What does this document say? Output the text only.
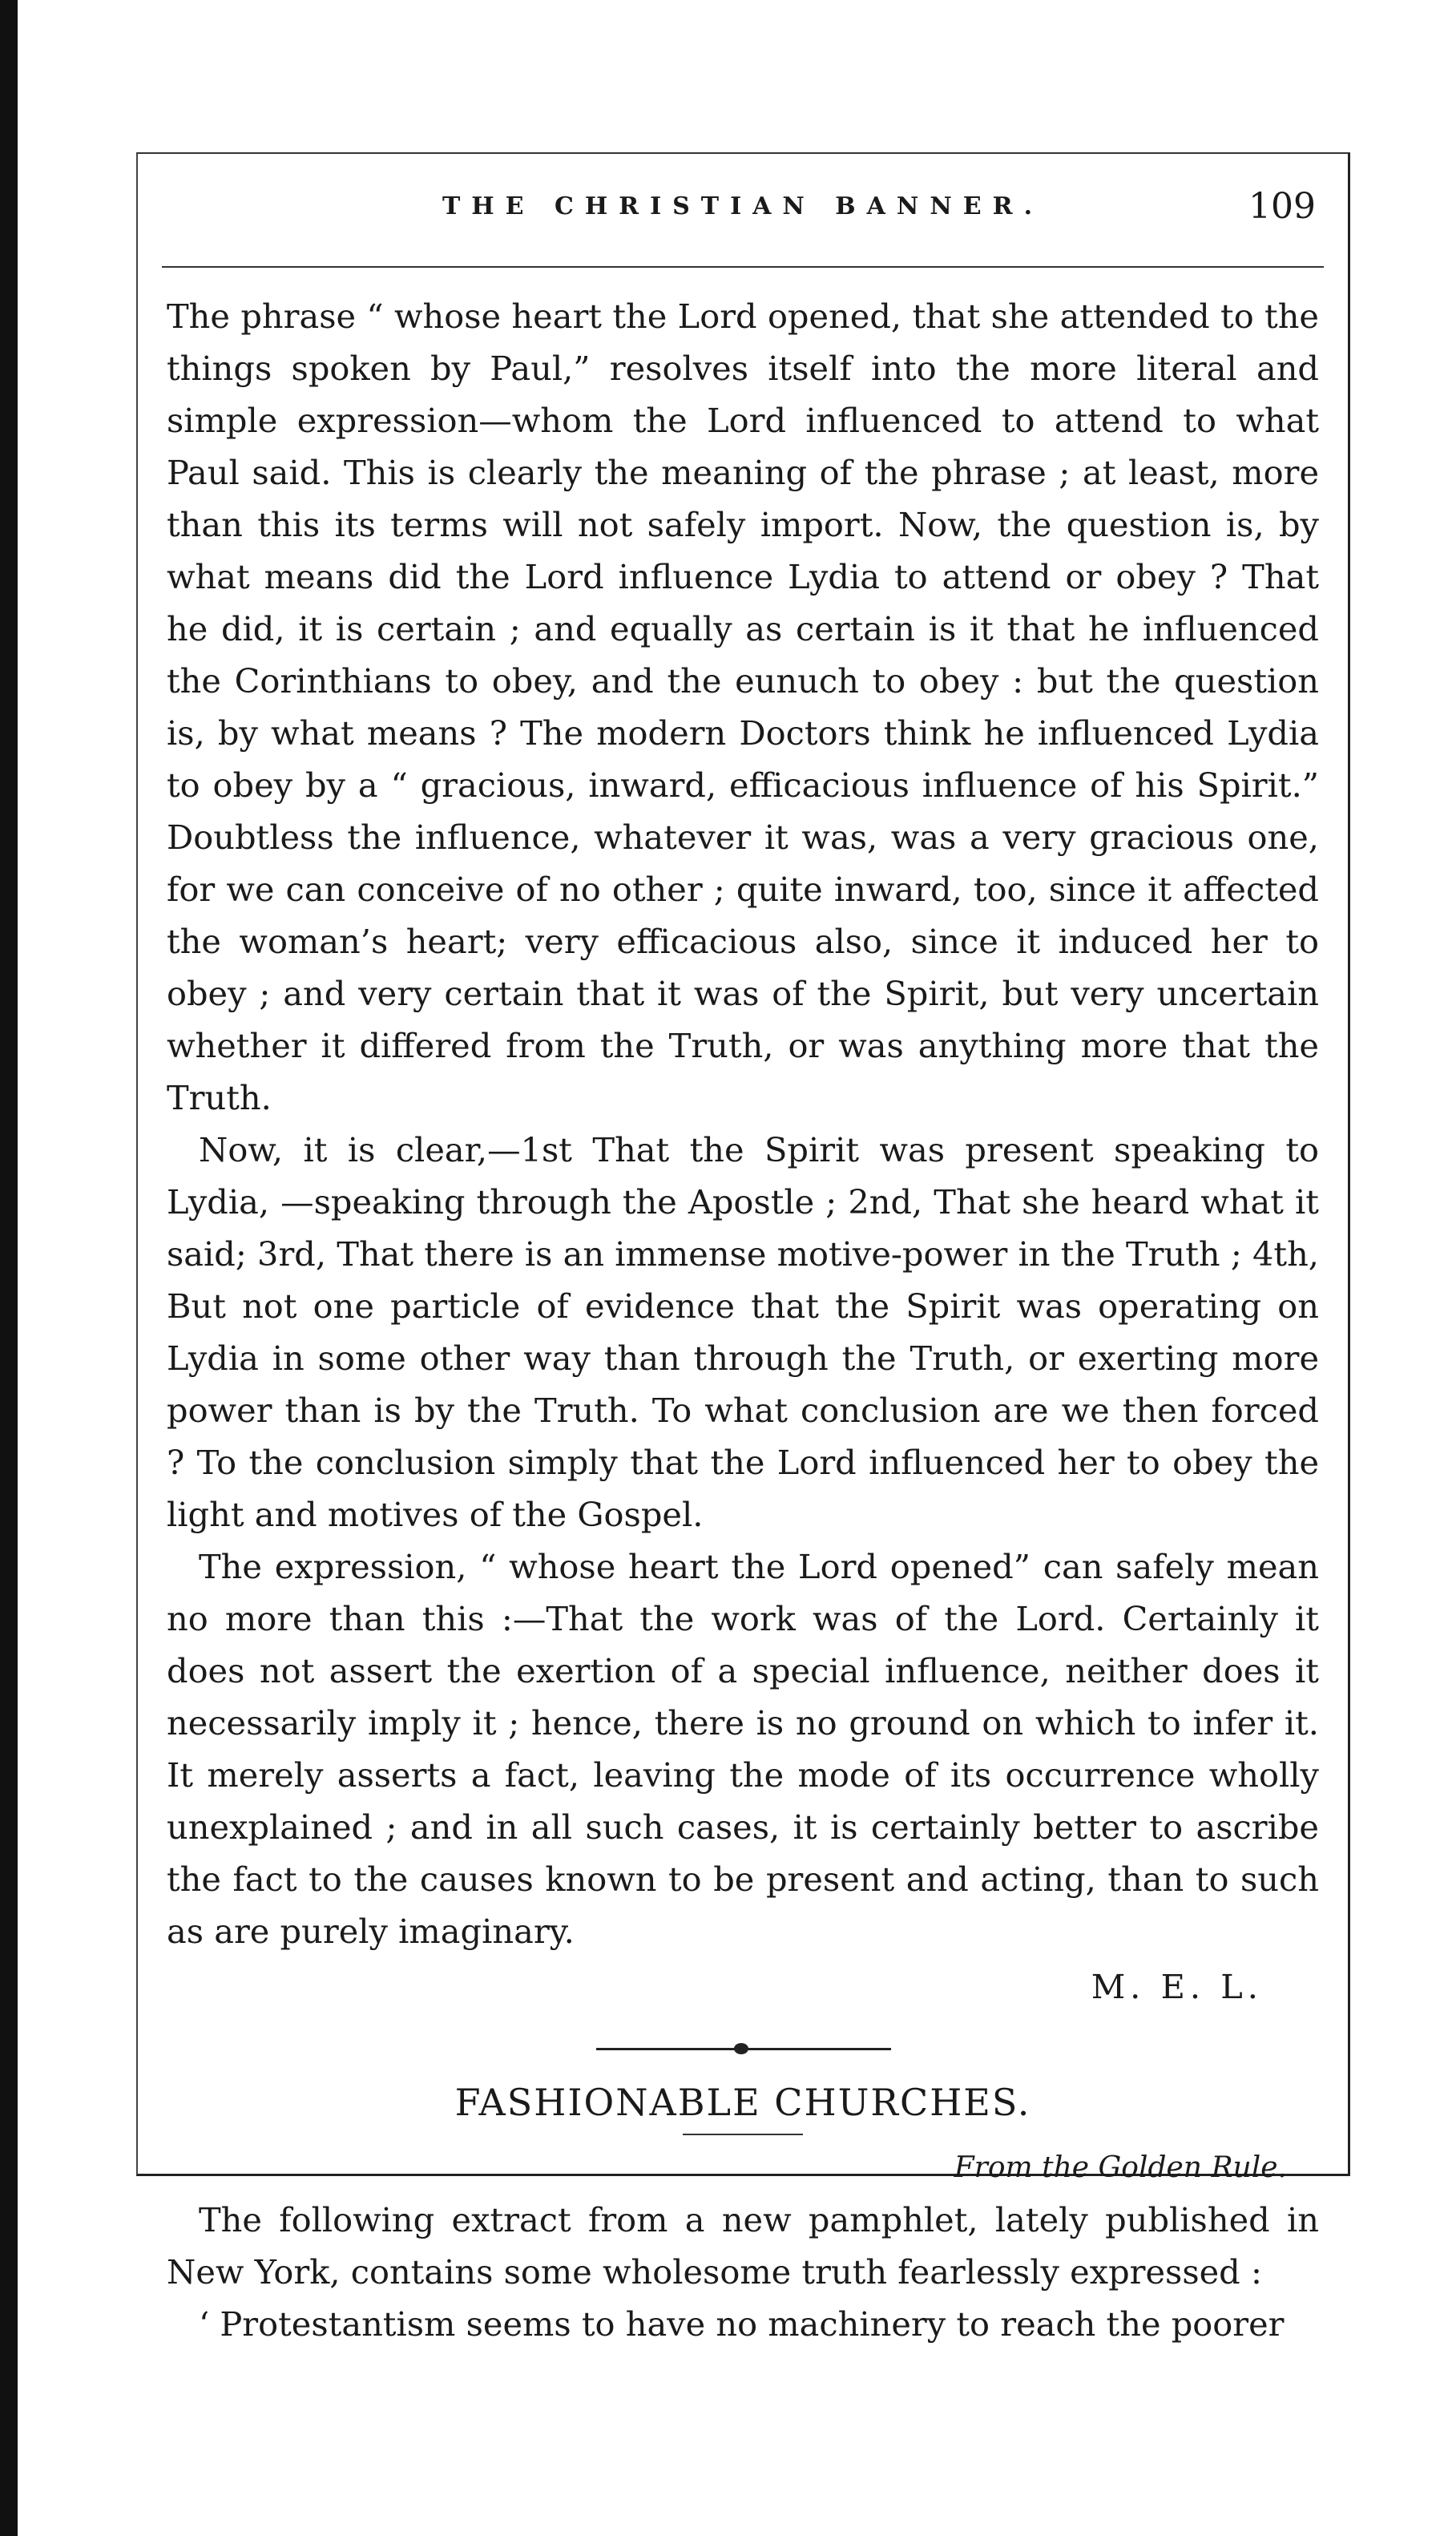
THE CHRISTIAN BANNER.	109

The phrase “ whose heart the Lord opened, that she attended to the things spoken by Paul,” resolves itself into the more literal and simple expression—whom the Lord influenced to attend to what Paul said. This is clearly the meaning of the phrase ; at least, more than this its terms will not safely import. Now, the question is, by what means did the Lord influence Lydia to attend or obey ? That he did, it is certain ; and equally as certain is it that he influenced the Corinthians to obey, and the eunuch to obey : but the question is, by what means ? The modern Doctors think he influenced Lydia to obey by a “ gracious, inward, efficacious influence of his Spirit.” Doubtless the influence, whatever it was, was a very gracious one, for we can conceive of no other ; quite inward, too, since it affected the woman’s heart; very efficacious also, since it induced her to obey ; and very certain that it was of the Spirit, but very uncertain whether it differed from the Truth, or was anything more that the Truth.

Now, it is clear,—1st That the Spirit was present speaking to Lydia, —speaking through the Apostle ; 2nd, That she heard what it said; 3rd, That there is an immense motive-power in the Truth ; 4th, But not one particle of evidence that the Spirit was operating on Lydia in some other way than through the Truth, or exerting more power than is by the Truth. To what conclusion are we then forced ? To the conclusion simply that the Lord influenced her to obey the light and motives of the Gospel.

The expression, “ whose heart the Lord opened” can safely mean no more than this :—That the work was of the Lord. Certainly it does not assert the exertion of a special influence, neither does it necessarily imply it ; hence, there is no ground on which to infer it. It merely asserts a fact, leaving the mode of its occurrence wholly unexplained ; and in all such cases, it is certainly better to ascribe the fact to the causes known to be present and acting, than to such as are purely imaginary.

M. E. L.

FASHIONABLE CHURCHES.

From the Golden Rule.

The following extract from a new pamphlet, lately published in New York, contains some wholesome truth fearlessly expressed :

‘ Protestantism seems to have no machinery to reach the poorer
